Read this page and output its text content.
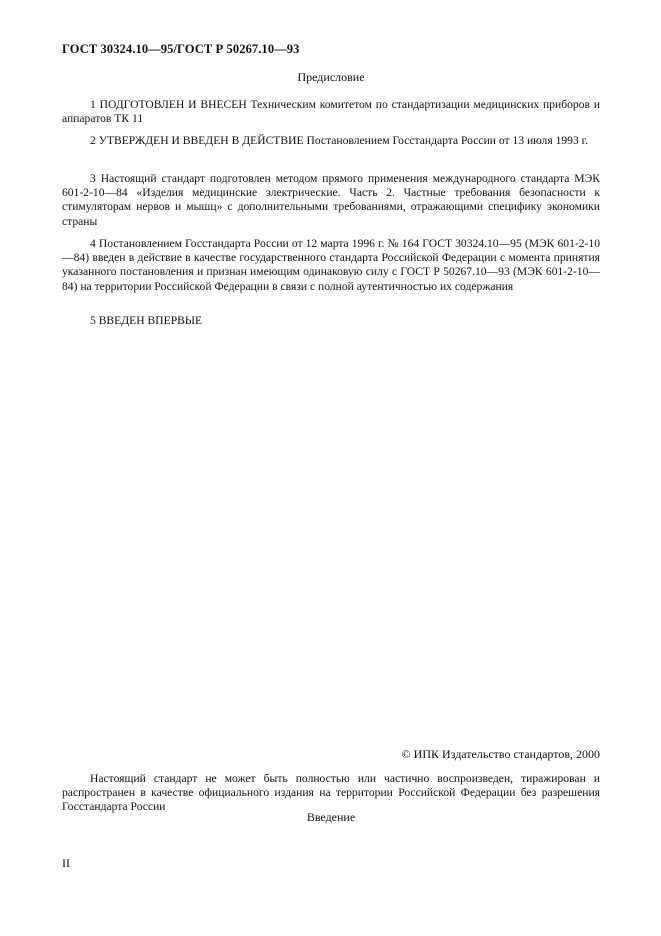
ГОСТ 30324.10—95/ГОСТ Р 50267.10—93
Предисловие
1 ПОДГОТОВЛЕН И ВНЕСЕН Техническим комитетом по стандартизации медицинских приборов и аппаратов ТК 11
2 УТВЕРЖДЕН И ВВЕДЕН В ДЕЙСТВИЕ Постановлением Госстандарта России от 13 июля 1993 г.
3 Настоящий стандарт подготовлен методом прямого применения международного стандарта МЭК 601-2-10—84 «Изделия медицинские электрические. Часть 2. Частные требования безопасности к стимуляторам нервов и мышц» с дополнительными требованиями, отражающими специфику экономики страны
4 Постановлением Госстандарта России от 12 марта 1996 г. № 164 ГОСТ 30324.10—95 (МЭК 601-2-10—84) введен в действие в качестве государственного стандарта Российской Федерации с момента принятия указанного постановления и признан имеющим одинаковую силу с ГОСТ Р 50267.10—93 (МЭК 601-2-10—84) на территории Российской Федерации в связи с полной аутентичностью их содержания
5 ВВЕДЕН ВПЕРВЫЕ
© ИПК Издательство стандартов, 2000
Настоящий стандарт не может быть полностью или частично воспроизведен, тиражирован и распространен в качестве официального издания на территории Российской Федерации без разрешения Госстандарта России
Введение
II
